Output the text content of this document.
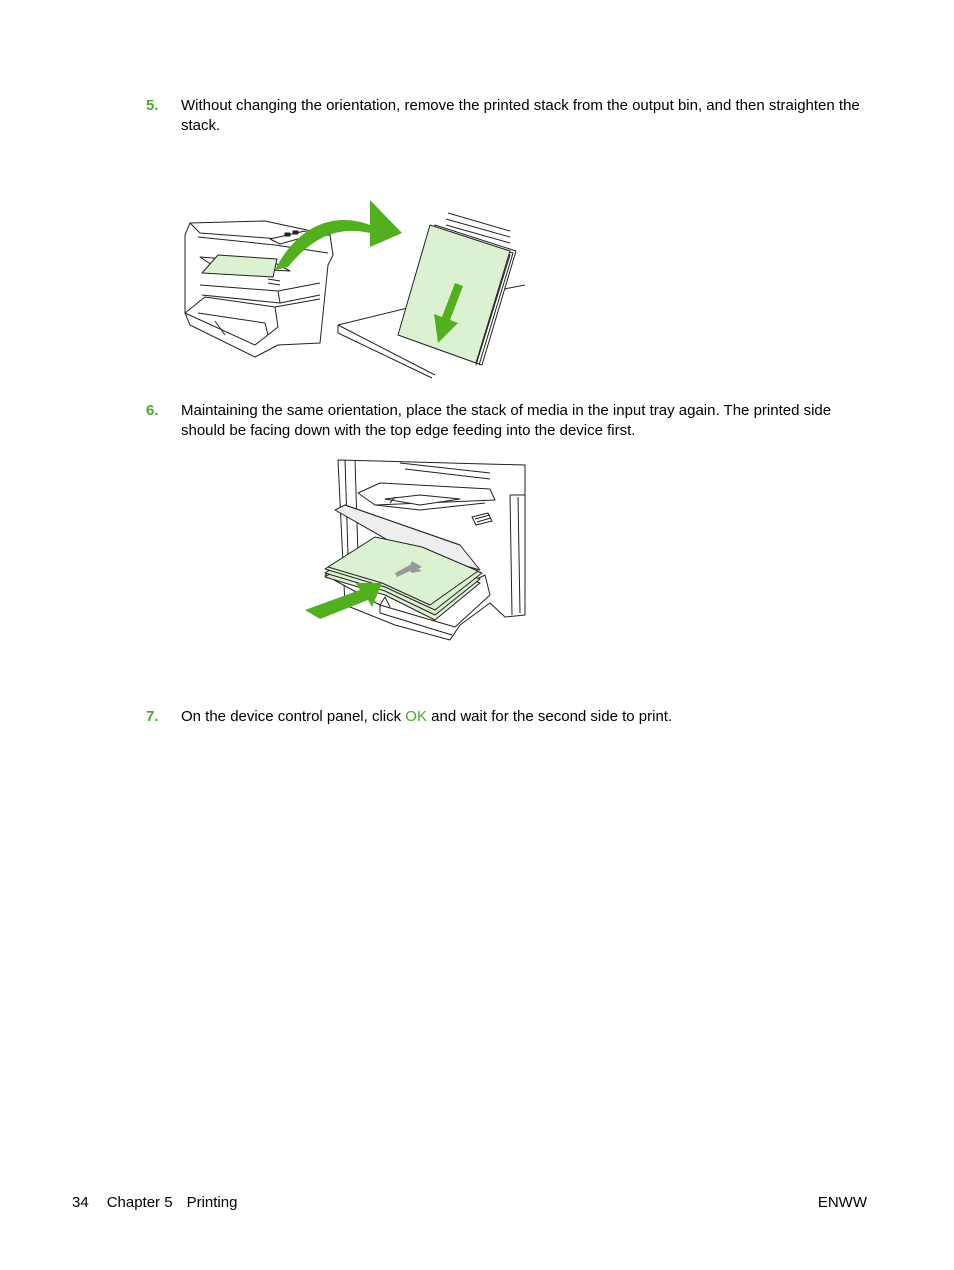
5. Without changing the orientation, remove the printed stack from the output bin, and then straighten the stack.
6. Maintaining the same orientation, place the stack of media in the input tray again. The printed side should be facing down with the top edge feeding into the device first.
7. On the device control panel, click OK and wait for the second side to print.
34 Chapter 5 Printing	ENWW
